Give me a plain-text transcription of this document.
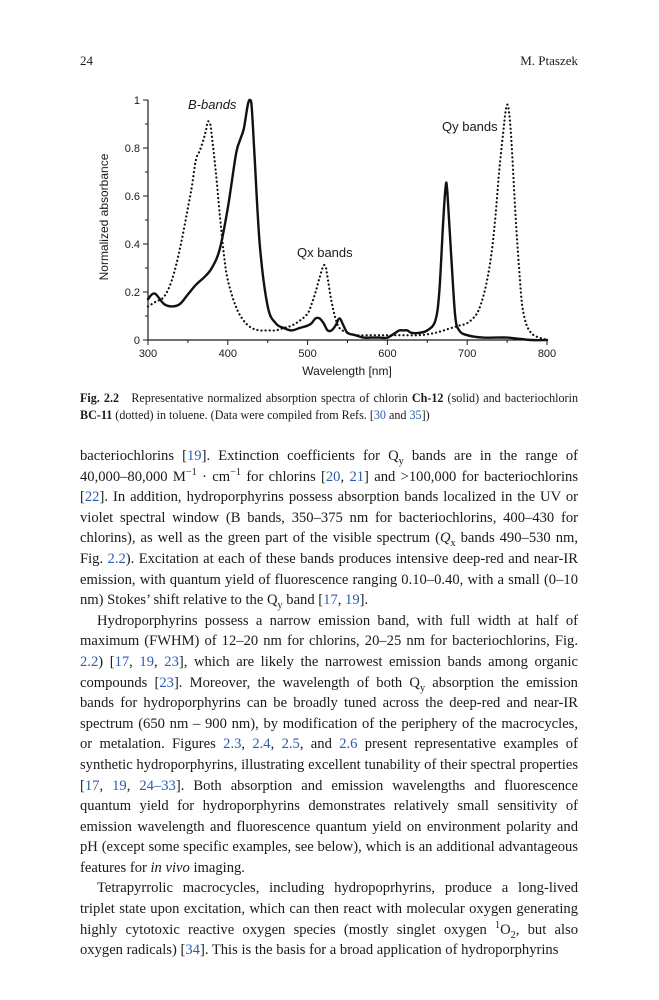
24	M. Ptaszek
300	400	500	600	700	800
0
0.2
0.4
0.6
0.8
1
Normalized absorbance
Wavelength [nm]
B-bands
Qx bands
Qy bands
Fig. 2.2 Representative normalized absorption spectra of chlorin Ch-12 (solid) and bacteriochlorin BC-11 (dotted) in toluene. (Data were compiled from Refs. [30 and 35])

bacteriochlorins [19]. Extinction coefficients for $Q_y$ bands are in the range of 40,000–80,000 $M^{-1} \cdot cm^{-1}$ for chlorins [20, 21] and >100,000 for bacteriochlorins [22]. In addition, hydroporphyrins possess absorption bands localized in the UV or violet spectral window (B bands, 350–375 nm for bacteriochlorins, 400–430 for chlorins), as well as the green part of the visible spectrum ($Q_x$ bands 490–530 nm, Fig. 2.2). Excitation at each of these bands produces intensive deep-red and near-IR emission, with quantum yield of fluorescence ranging 0.10–0.40, with a small (0–10 nm) Stokes’ shift relative to the $Q_y$ band [17, 19].

Hydroporphyrins possess a narrow emission band, with full width at half of maximum (FWHM) of 12–20 nm for chlorins, 20–25 nm for bacteriochlorins, Fig. 2.2) [17, 19, 23], which are likely the narrowest emission bands among organic compounds [23]. Moreover, the wavelength of both $Q_y$ absorption the emission bands for hydroporphyrins can be broadly tuned across the deep-red and near-IR spectrum (650 nm – 900 nm), by modification of the periphery of the macrocycles, or metalation. Figures 2.3, 2.4, 2.5, and 2.6 present representative examples of synthetic hydroporphyrins, illustrating excellent tunability of their spectral properties [17, 19, 24–33]. Both absorption and emission wavelengths and fluorescence quantum yield for hydroporphyrins demonstrates relatively small sensitivity of emission wavelength and fluorescence quantum yield on environment polarity and pH (except some specific examples, see below), which is an additional advantageous features for in vivo imaging.

Tetrapyrrolic macrocycles, including hydropoprhyrins, produce a long-lived triplet state upon excitation, which can then react with molecular oxygen generating highly cytotoxic reactive oxygen species (mostly singlet oxygen $^1O_2$, but also oxygen radicals) [34]. This is the basis for a broad application of hydroporphyrins
